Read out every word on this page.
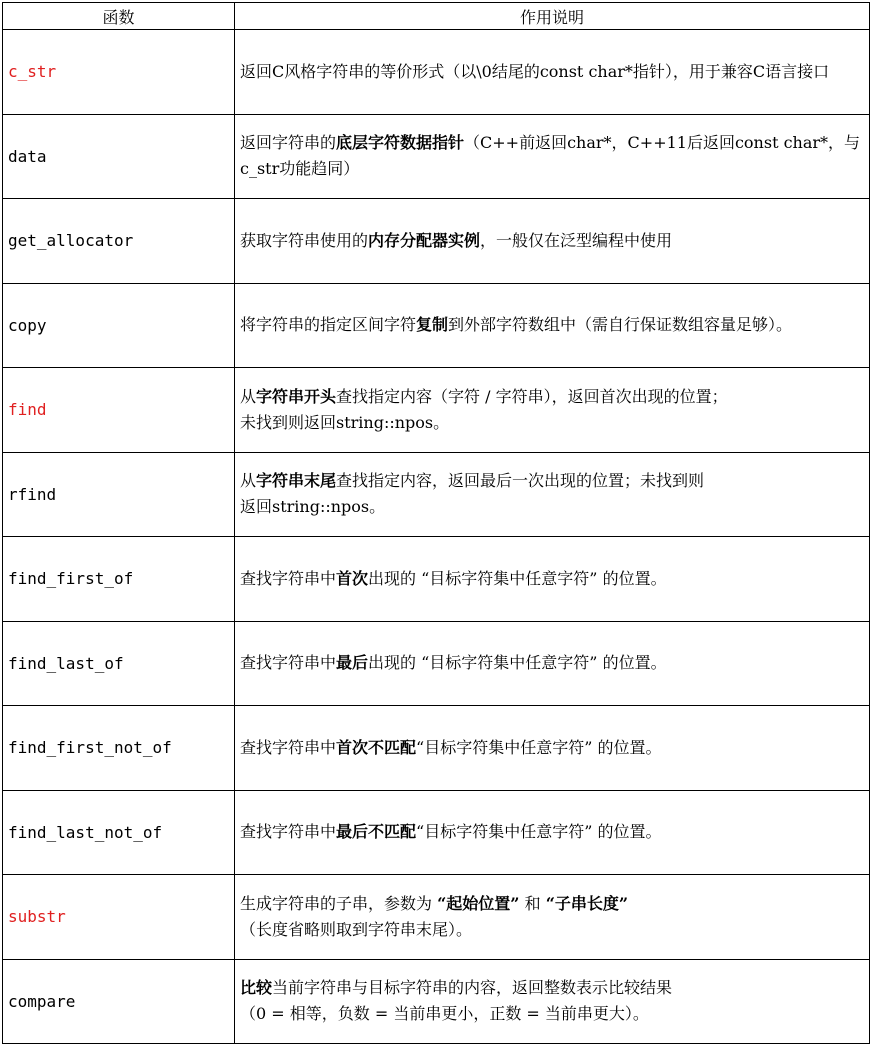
函数	作用说明
c_str	返回C风格字符串的等价形式（以\0结尾的const char*指针），用于兼容C语言接口

data	返回字符串的底层字符数据指针（C++前返回char*，C++11后返回const char*，与c_str功能趋同）

get_allocator	获取字符串使用的内存分配器实例，一般仅在泛型编程中使用

copy	将字符串的指定区间字符复制到外部字符数组中（需自行保证数组容量足够）。

find	从字符串开头查找指定内容（字符 / 字符串），返回首次出现的位置；
未找到则返回string::npos。

rfind	从字符串末尾查找指定内容，返回最后一次出现的位置；未找到则
返回string::npos。

find_first_of	查找字符串中首次出现的 “目标字符集中任意字符” 的位置。

find_last_of	查找字符串中最后出现的 “目标字符集中任意字符” 的位置。

find_first_not_of	查找字符串中首次不匹配“目标字符集中任意字符” 的位置。

find_last_not_of	查找字符串中最后不匹配“目标字符集中任意字符” 的位置。

substr	生成字符串的子串，参数为 “起始位置” 和 “子串长度”
（长度省略则取到字符串末尾）。

compare	比较当前字符串与目标字符串的内容，返回整数表示比较结果
（0 = 相等，负数 = 当前串更小，正数 = 当前串更大）。
